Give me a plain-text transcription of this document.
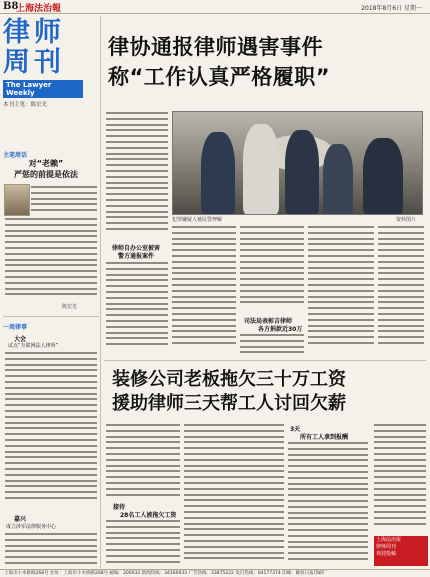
B8
上海法治報	2018年8月6日 星期一
律师
周刊
The Lawyer Weekly
本刊主笔：陈宏光
主笔周话
对“老赖”
严惩的前提是依法
陈宏光
一周律事
大会
试点“互联网法人律所”
嘉兴
成立涉军法律服务中心
律协通报律师遇害事件
称“工作认真严格履职”
犯罪嫌疑人被民警押解	资料图片
律师自办公室被害
警方通报案件
司法局表彰吉律师
各方捐款近30万
装修公司老板拖欠三十万工资
援助律师三天帮工人讨回欠薪
接待
28名工人被拖欠工资
3天
所有工人拿到报酬
上海法治报
律师周刊
欢迎投稿
上海市小木桥路268号 社址：上海市小木桥路268号 邮编：200032 新闻热线：34160933 广告热线：33875222 发行热线：64177374 印刷：解放日报印刷厂
